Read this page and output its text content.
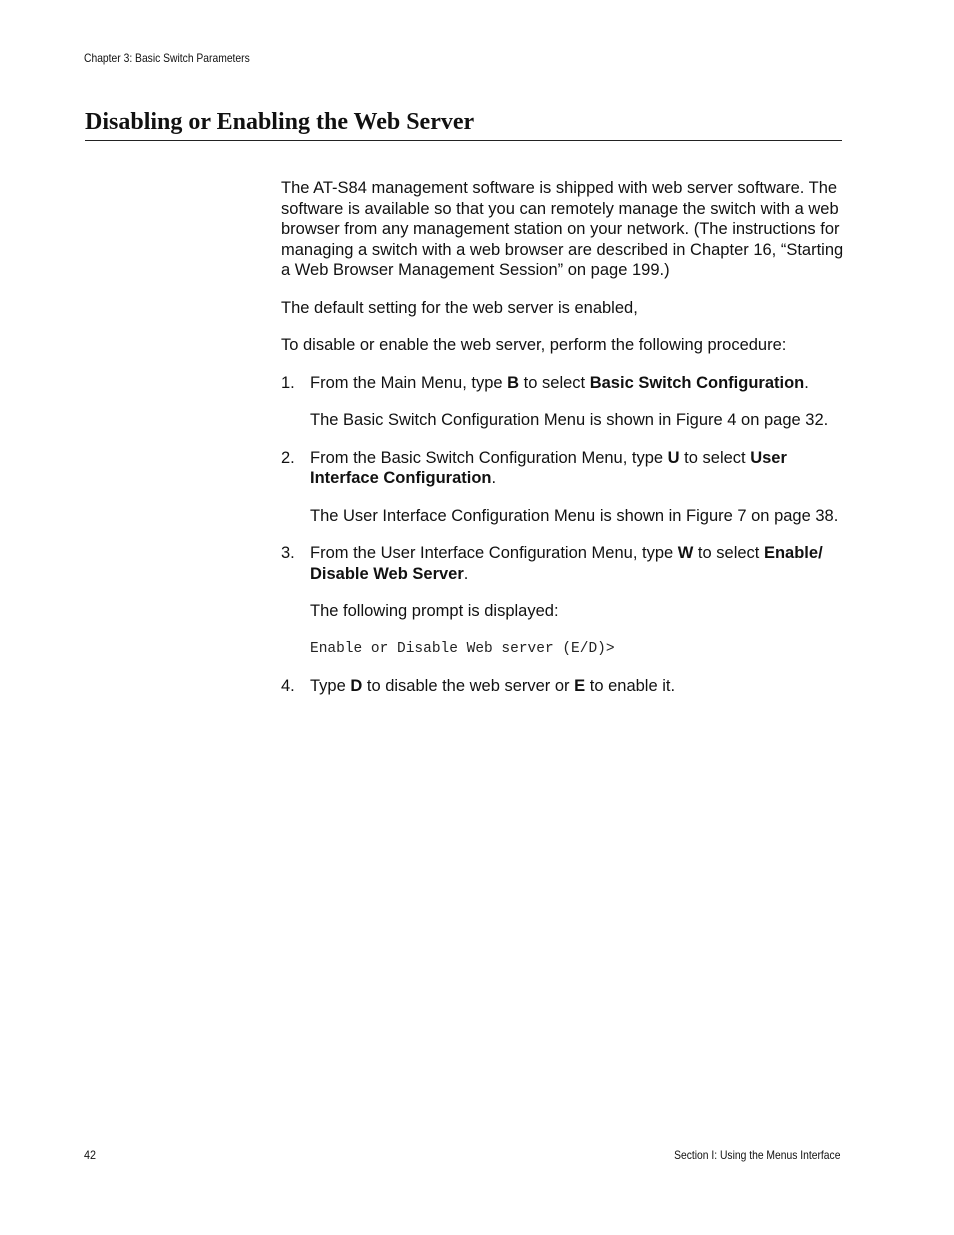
Chapter 3: Basic Switch Parameters
Disabling or Enabling the Web Server

The AT-S84 management software is shipped with web server software. The software is available so that you can remotely manage the switch with a web browser from any management station on your network. (The instructions for managing a switch with a web browser are described in Chapter 16, “Starting a Web Browser Management Session” on page 199.)

The default setting for the web server is enabled,

To disable or enable the web server, perform the following procedure:

1. From the Main Menu, type B to select Basic Switch Configuration.

The Basic Switch Configuration Menu is shown in Figure 4 on page 32.

2. From the Basic Switch Configuration Menu, type U to select User Interface Configuration.

The User Interface Configuration Menu is shown in Figure 7 on page 38.

3. From the User Interface Configuration Menu, type W to select Enable/ Disable Web Server.

The following prompt is displayed:

Enable or Disable Web server (E/D)>

4. Type D to disable the web server or E to enable it.

42	Section I: Using the Menus Interface
